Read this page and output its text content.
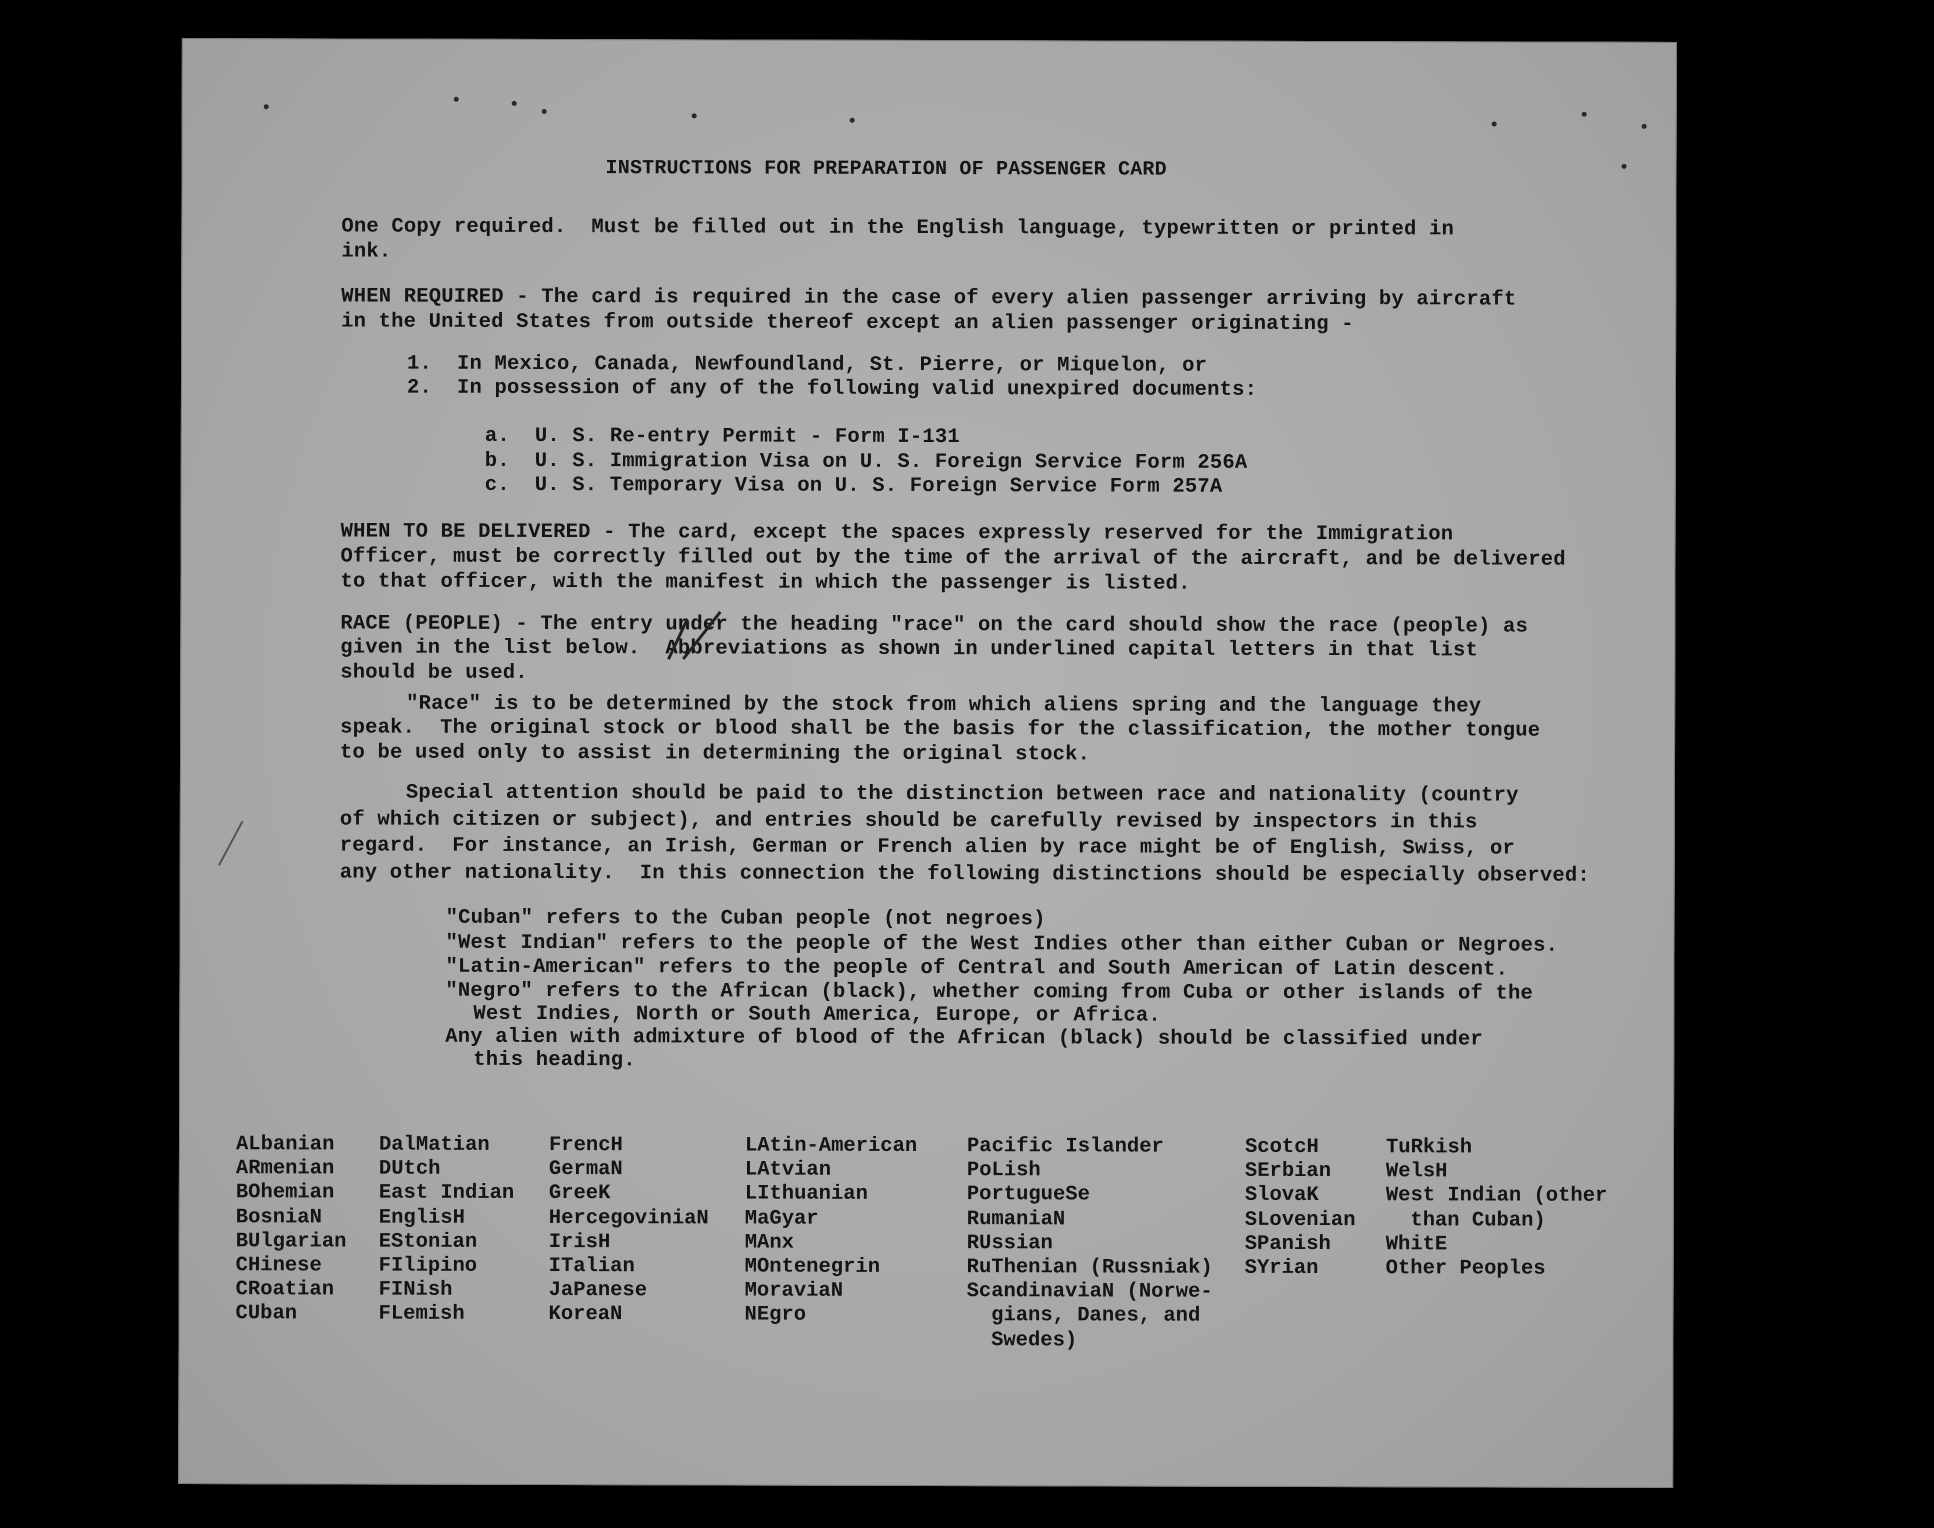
INSTRUCTIONS FOR PREPARATION OF PASSENGER CARD
One Copy required.  Must be filled out in the English language, typewritten or printed in
ink.
WHEN REQUIRED - The card is required in the case of every alien passenger arriving by aircraft
in the United States from outside thereof except an alien passenger originating -
1.  In Mexico, Canada, Newfoundland, St. Pierre, or Miquelon, or
2.  In possession of any of the following valid unexpired documents:
a.  U. S. Re-entry Permit - Form I-131
b.  U. S. Immigration Visa on U. S. Foreign Service Form 256A
c.  U. S. Temporary Visa on U. S. Foreign Service Form 257A
WHEN TO BE DELIVERED - The card, except the spaces expressly reserved for the Immigration
Officer, must be correctly filled out by the time of the arrival of the aircraft, and be delivered
to that officer, with the manifest in which the passenger is listed.
RACE (PEOPLE) - The entry under the heading "race" on the card should show the race (people) as
given in the list below.  Abbreviations as shown in underlined capital letters in that list
should be used.
"Race" is to be determined by the stock from which aliens spring and the language they
speak.  The original stock or blood shall be the basis for the classification, the mother tongue
to be used only to assist in determining the original stock.
Special attention should be paid to the distinction between race and nationality (country
of which citizen or subject), and entries should be carefully revised by inspectors in this
regard.  For instance, an Irish, German or French alien by race might be of English, Swiss, or
any other nationality.  In this connection the following distinctions should be especially observed:
"Cuban" refers to the Cuban people (not negroes)
"West Indian" refers to the people of the West Indies other than either Cuban or Negroes.
"Latin-American" refers to the people of Central and South American of Latin descent.
"Negro" refers to the African (black), whether coming from Cuba or other islands of the
West Indies, North or South America, Europe, or Africa.
Any alien with admixture of blood of the African (black) should be classified under
this heading.
ALbanian
ARmenian
BOhemian
BosniaN
BUlgarian
CHinese
CRoatian
CUban
DalMatian
DUtch
East Indian
EnglisH
EStonian
FIlipino
FINish
FLemish
FrencH
GermaN
GreeK
HercegoviniaN
IrisH
ITalian
JaPanese
KoreaN
LAtin-American
LAtvian
LIthuanian
MaGyar
MAnx
MOntenegrin
MoraviaN
NEgro
Pacific Islander
PoLish
PortugueSe
RumaniaN
RUssian
RuThenian (Russniak)
ScandinaviaN (Norwe-
gians, Danes, and
Swedes)
ScotcH
SErbian
SlovaK
SLovenian
SPanish
SYrian
TuRkish
WelsH
West Indian (other
than Cuban)
WhitE
Other Peoples
